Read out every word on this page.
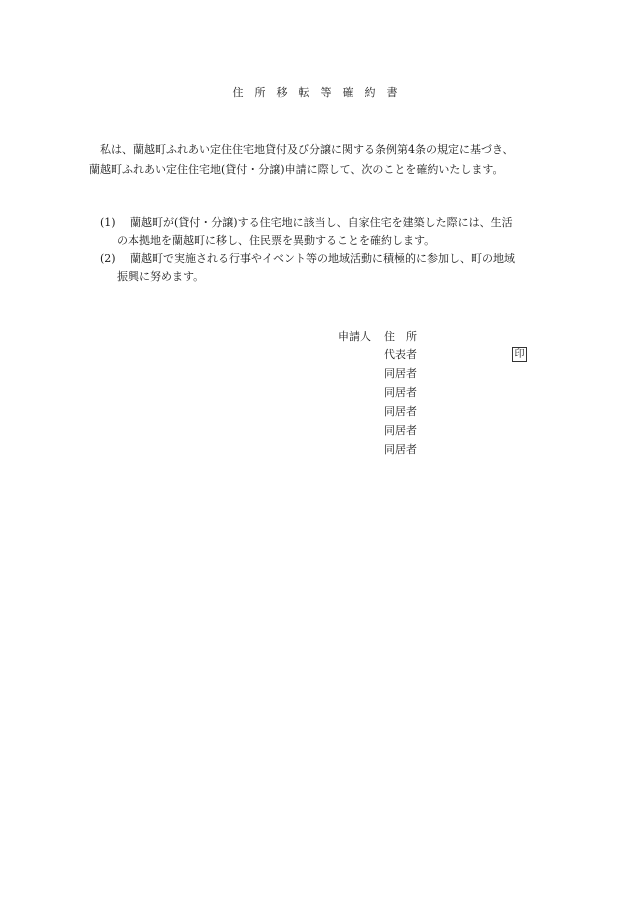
住　所　移　転　等　確　約　書

私は、蘭越町ふれあい定住住宅地貸付及び分譲に関する条例第4条の規定に基づき、

蘭越町ふれあい定住住宅地(貸付・分譲)申請に際して、次のことを確約いたします。

(1) 蘭越町が(貸付・分譲)する住宅地に該当し、自家住宅を建築した際には、生活
の本拠地を蘭越町に移し、住民票を異動することを確約します。
(2) 蘭越町で実施される行事やイベント等の地域活動に積極的に参加し、町の地域
振興に努めます。
申請人 住　所
代表者	印
同居者
同居者
同居者
同居者
同居者
